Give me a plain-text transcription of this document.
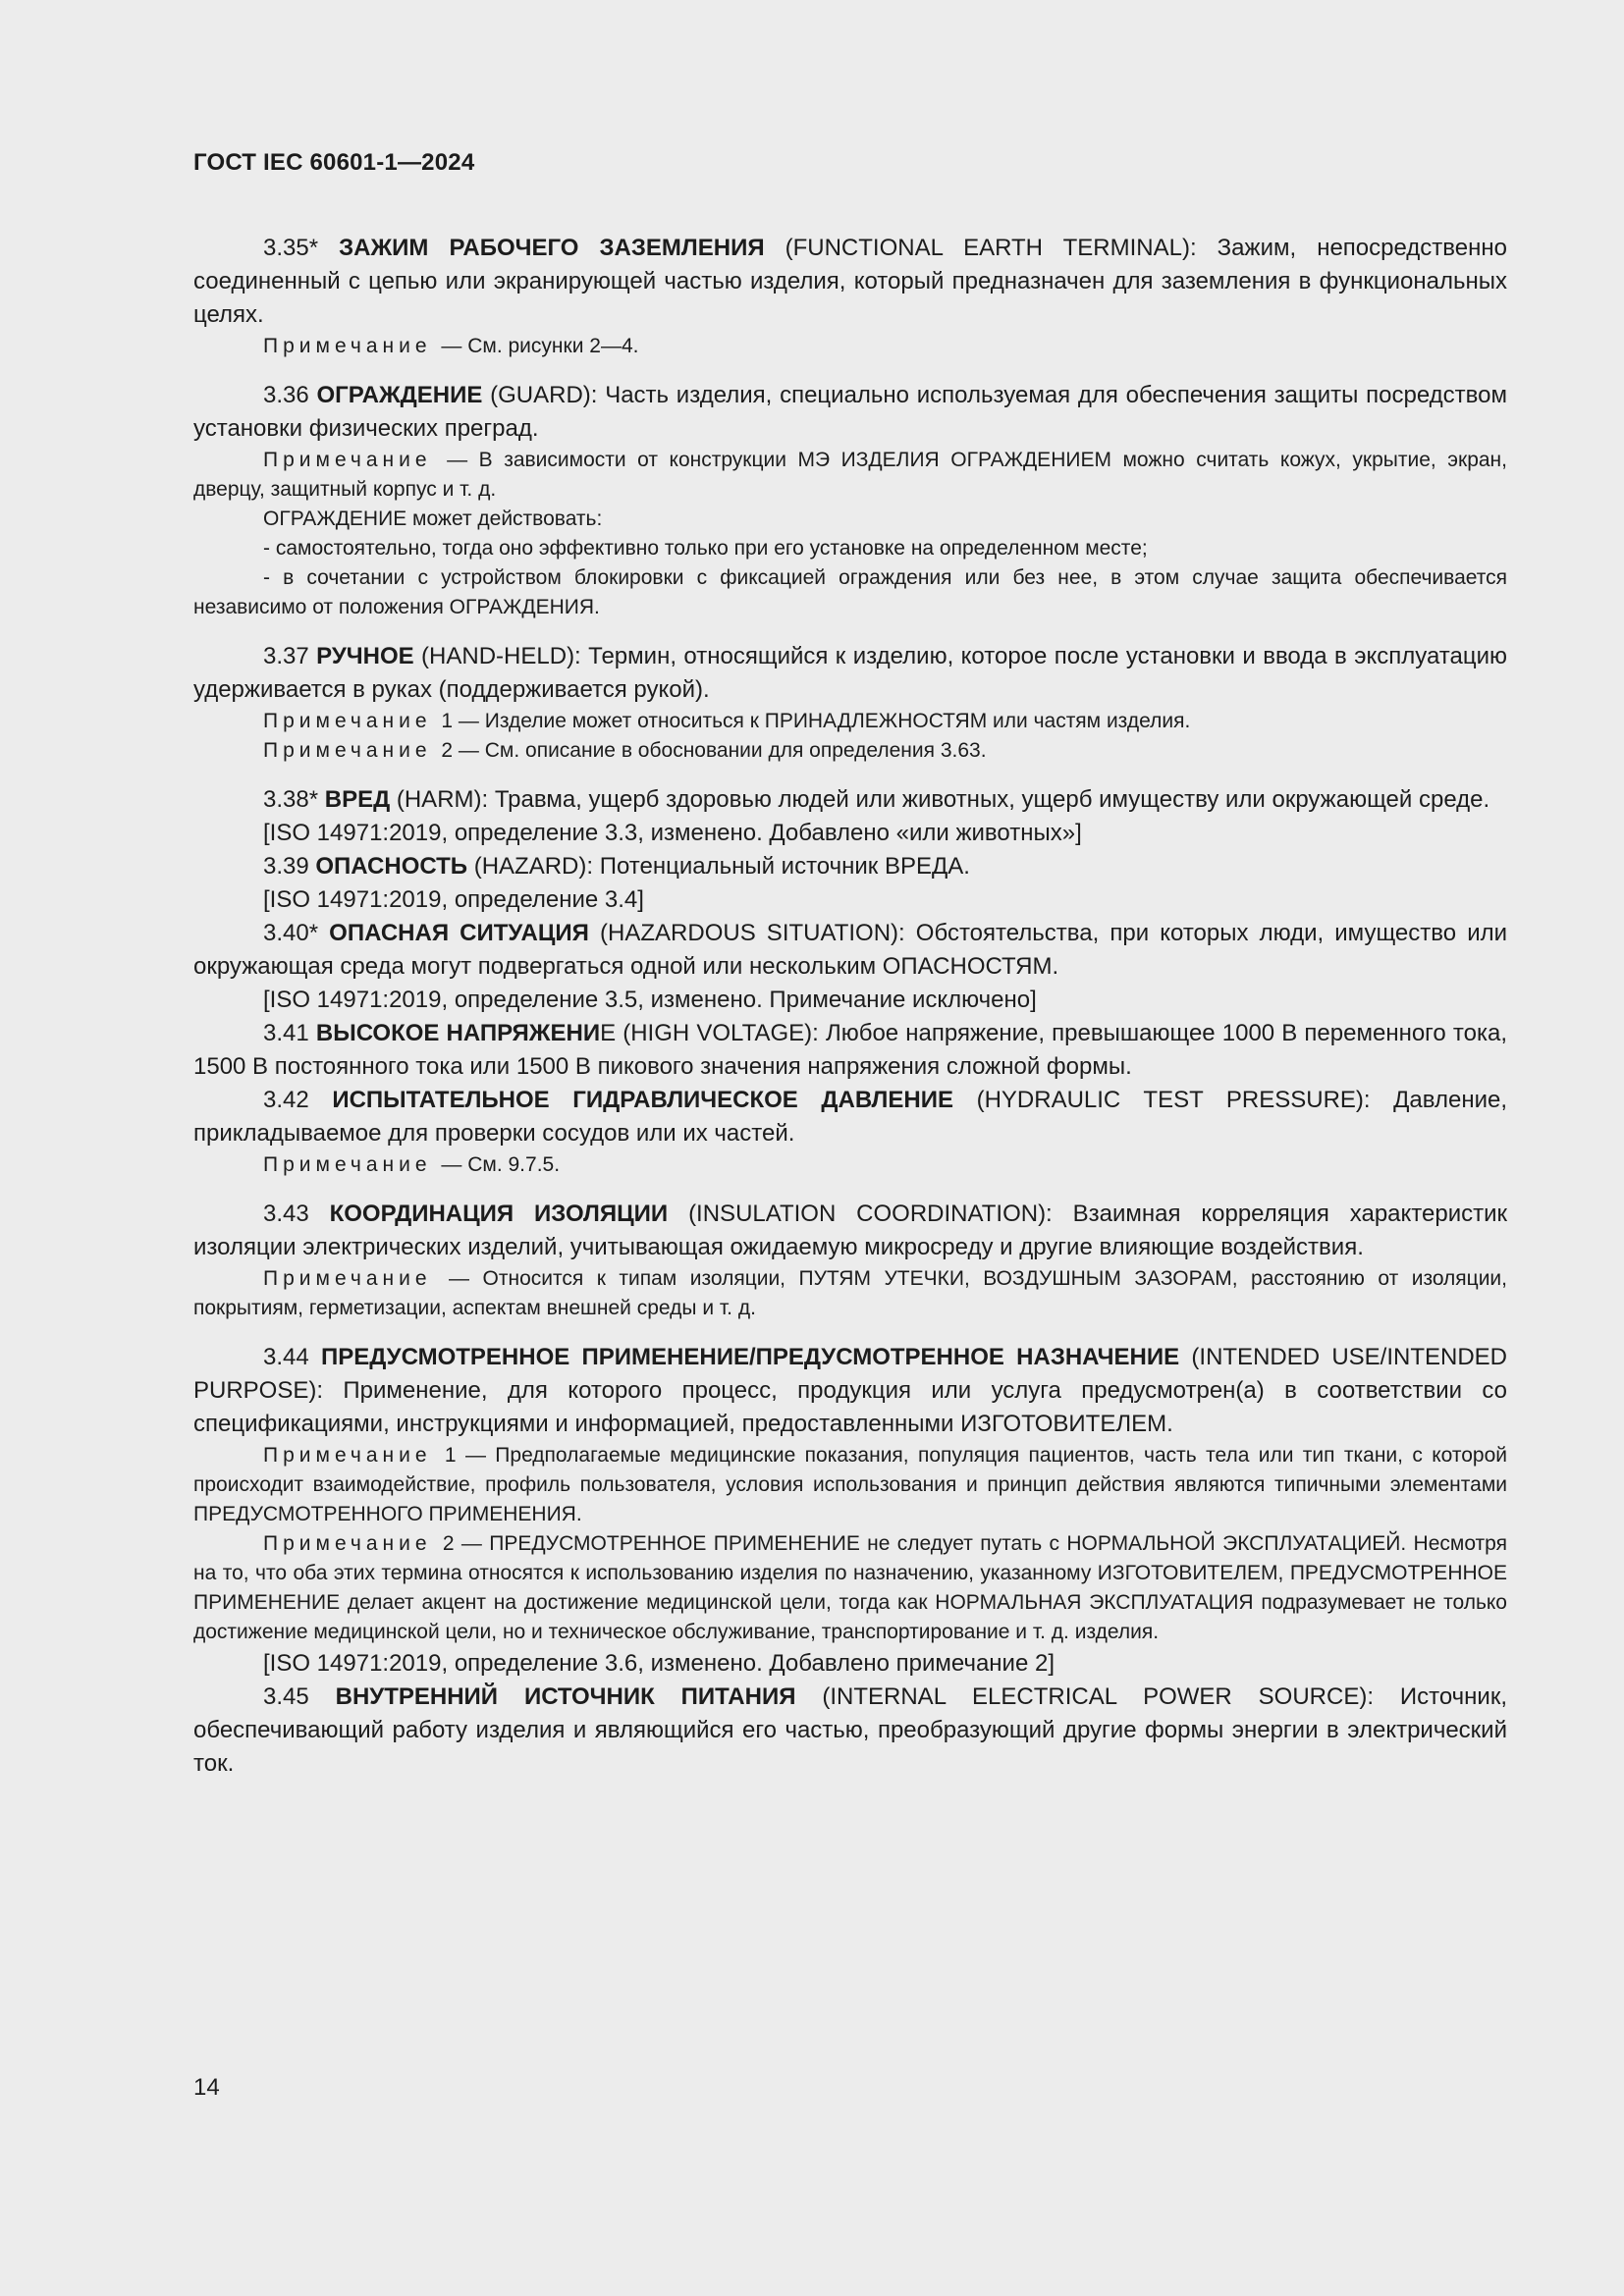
ГОСТ IEC 60601-1—2024

3.35* ЗАЖИМ РАБОЧЕГО ЗАЗЕМЛЕНИЯ (FUNCTIONAL EARTH TERMINAL): Зажим, непосредственно соединенный с цепью или экранирующей частью изделия, который предназначен для заземления в функциональных целях.

Примечание — См. рисунки 2—4.

3.36 ОГРАЖДЕНИЕ (GUARD): Часть изделия, специально используемая для обеспечения защиты посредством установки физических преград.

Примечание — В зависимости от конструкции МЭ ИЗДЕЛИЯ ОГРАЖДЕНИЕМ можно считать кожух, укрытие, экран, дверцу, защитный корпус и т. д.

ОГРАЖДЕНИЕ может действовать:

- самостоятельно, тогда оно эффективно только при его установке на определенном месте;

- в сочетании с устройством блокировки с фиксацией ограждения или без нее, в этом случае защита обеспечивается независимо от положения ОГРАЖДЕНИЯ.

3.37 РУЧНОЕ (HAND-HELD): Термин, относящийся к изделию, которое после установки и ввода в эксплуатацию удерживается в руках (поддерживается рукой).

Примечание 1 — Изделие может относиться к ПРИНАДЛЕЖНОСТЯМ или частям изделия.

Примечание 2 — См. описание в обосновании для определения 3.63.

3.38* ВРЕД (HARM): Травма, ущерб здоровью людей или животных, ущерб имуществу или окружающей среде.

[ISO 14971:2019, определение 3.3, изменено. Добавлено «или животных»]

3.39 ОПАСНОСТЬ (HAZARD): Потенциальный источник ВРЕДА.

[ISO 14971:2019, определение 3.4]

3.40* ОПАСНАЯ СИТУАЦИЯ (HAZARDOUS SITUATION): Обстоятельства, при которых люди, имущество или окружающая среда могут подвергаться одной или нескольким ОПАСНОСТЯМ.

[ISO 14971:2019, определение 3.5, изменено. Примечание исключено]

3.41 ВЫСОКОЕ НАПРЯЖЕНИЕ (HIGH VOLTAGE): Любое напряжение, превышающее 1000 В переменного тока, 1500 В постоянного тока или 1500 В пикового значения напряжения сложной формы.

3.42 ИСПЫТАТЕЛЬНОЕ ГИДРАВЛИЧЕСКОЕ ДАВЛЕНИЕ (HYDRAULIC TEST PRESSURE): Давление, прикладываемое для проверки сосудов или их частей.

Примечание — См. 9.7.5.

3.43 КООРДИНАЦИЯ ИЗОЛЯЦИИ (INSULATION COORDINATION): Взаимная корреляция характеристик изоляции электрических изделий, учитывающая ожидаемую микросреду и другие влияющие воздействия.

Примечание — Относится к типам изоляции, ПУТЯМ УТЕЧКИ, ВОЗДУШНЫМ ЗАЗОРАМ, расстоянию от изоляции, покрытиям, герметизации, аспектам внешней среды и т. д.

3.44 ПРЕДУСМОТРЕННОЕ ПРИМЕНЕНИЕ/ПРЕДУСМОТРЕННОЕ НАЗНАЧЕНИЕ (INTENDED USE/INTENDED PURPOSE): Применение, для которого процесс, продукция или услуга предусмотрен(а) в соответствии со спецификациями, инструкциями и информацией, предоставленными ИЗГОТОВИТЕЛЕМ.

Примечание 1 — Предполагаемые медицинские показания, популяция пациентов, часть тела или тип ткани, с которой происходит взаимодействие, профиль пользователя, условия использования и принцип действия являются типичными элементами ПРЕДУСМОТРЕННОГО ПРИМЕНЕНИЯ.

Примечание 2 — ПРЕДУСМОТРЕННОЕ ПРИМЕНЕНИЕ не следует путать с НОРМАЛЬНОЙ ЭКСПЛУАТАЦИЕЙ. Несмотря на то, что оба этих термина относятся к использованию изделия по назначению, указанному ИЗГОТОВИТЕЛЕМ, ПРЕДУСМОТРЕННОЕ ПРИМЕНЕНИЕ делает акцент на достижение медицинской цели, тогда как НОРМАЛЬНАЯ ЭКСПЛУАТАЦИЯ подразумевает не только достижение медицинской цели, но и техническое обслуживание, транспортирование и т. д. изделия.

[ISO 14971:2019, определение 3.6, изменено. Добавлено примечание 2]

3.45 ВНУТРЕННИЙ ИСТОЧНИК ПИТАНИЯ (INTERNAL ELECTRICAL POWER SOURCE): Источник, обеспечивающий работу изделия и являющийся его частью, преобразующий другие формы энергии в электрический ток.

14
